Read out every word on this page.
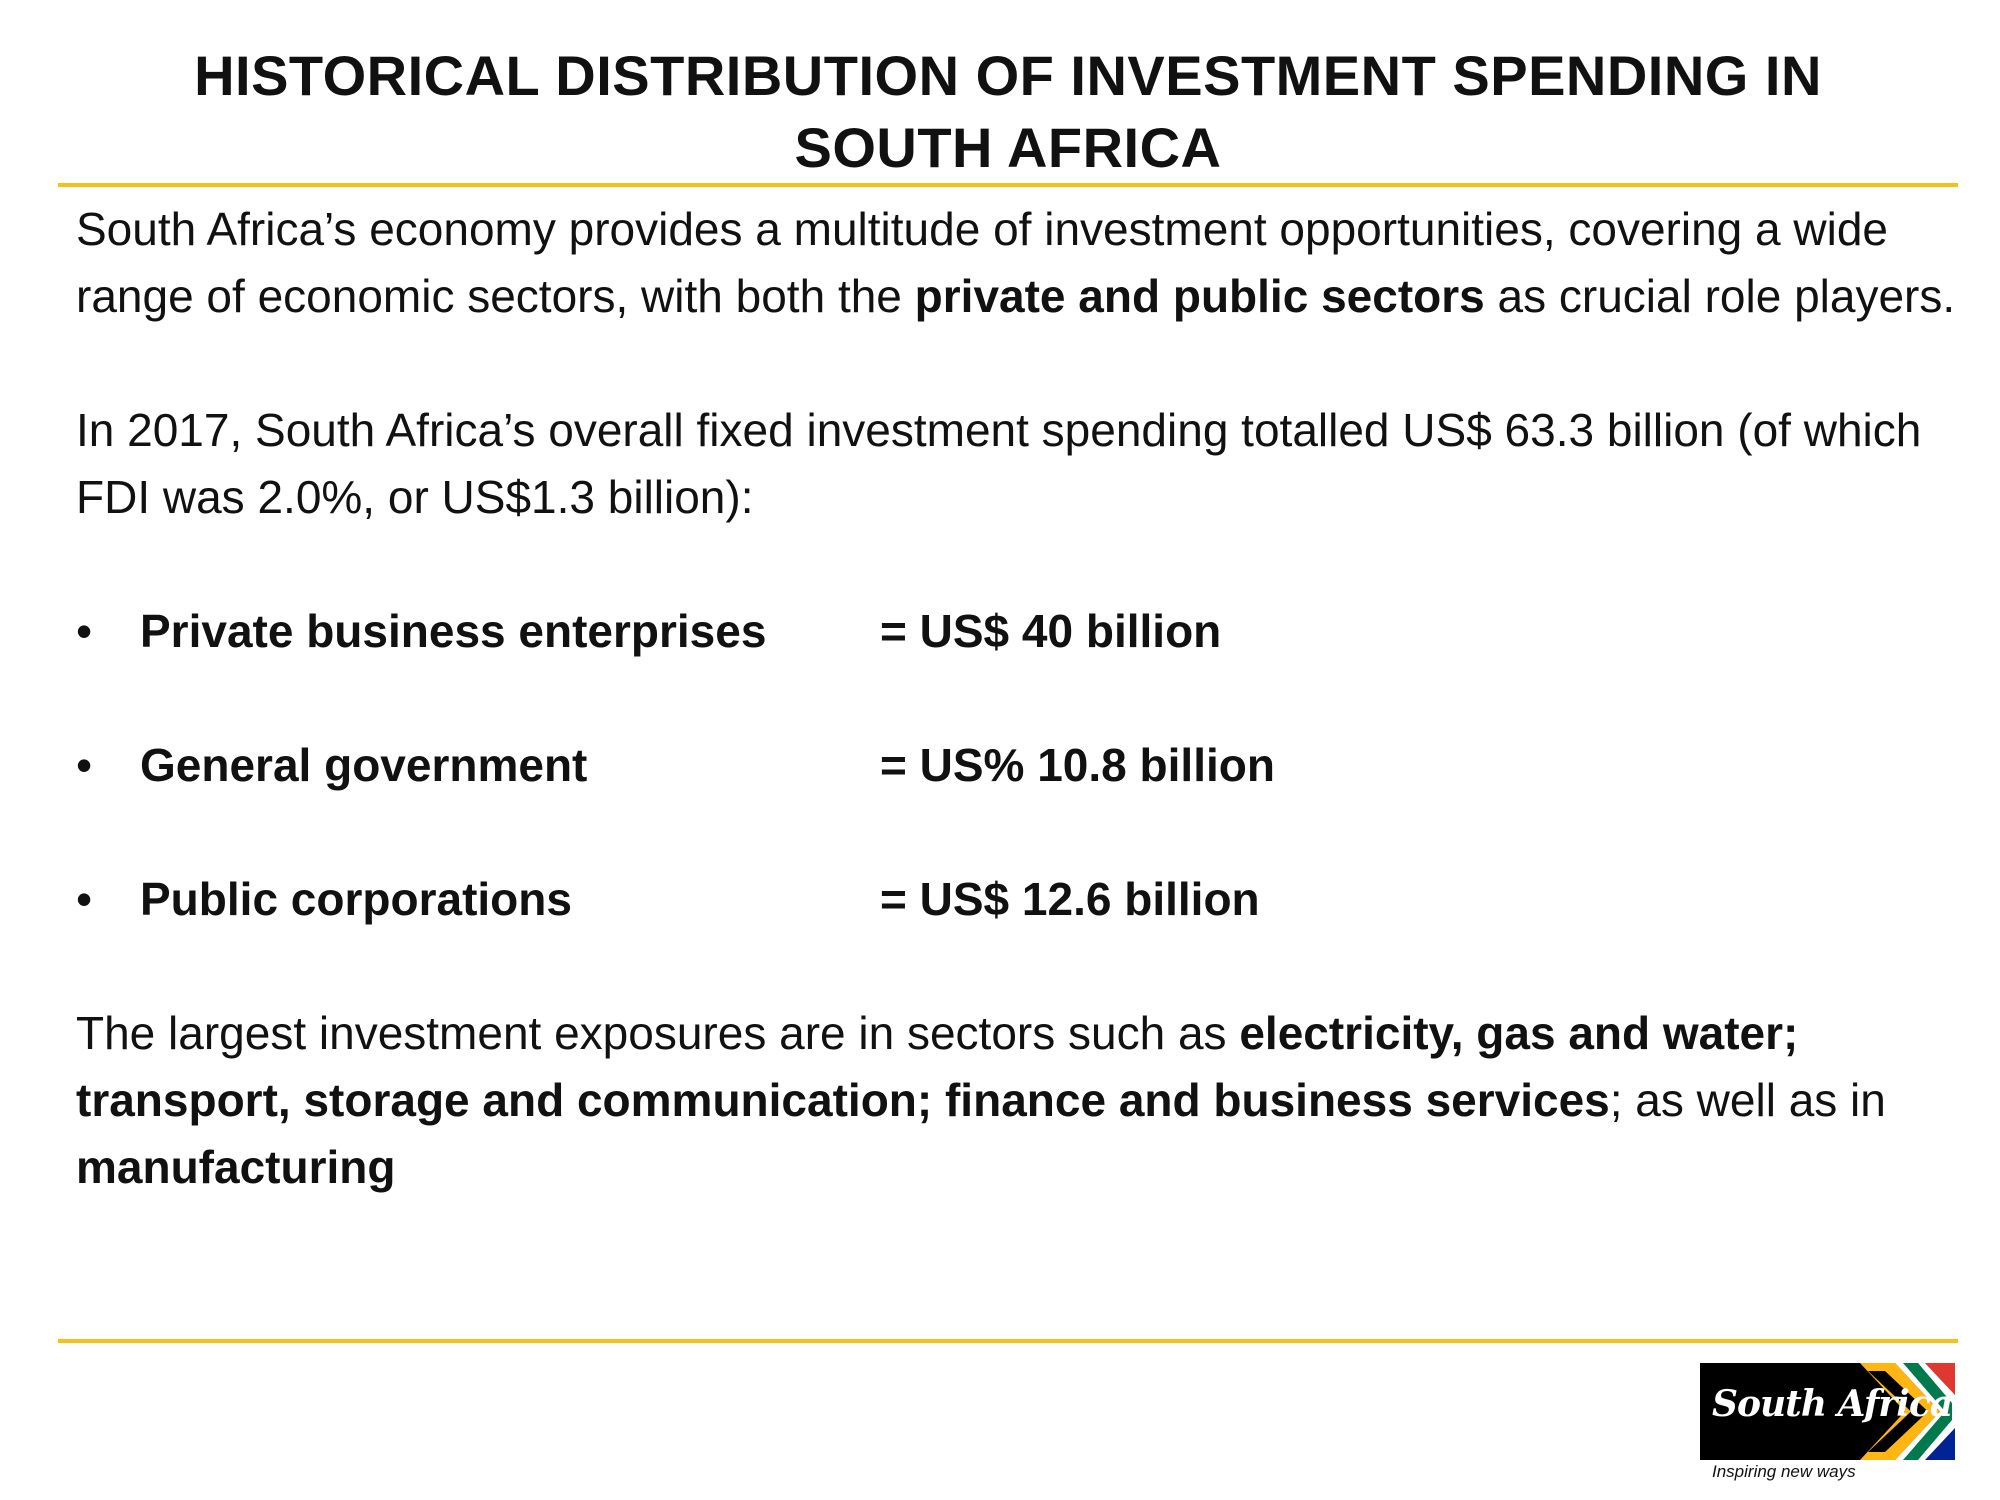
HISTORICAL DISTRIBUTION OF INVESTMENT SPENDING IN
SOUTH AFRICA

South Africa’s economy provides a multitude of investment opportunities, covering a wide range of economic sectors, with both the private and public sectors as crucial role players.

In 2017, South Africa’s overall fixed investment spending totalled US$ 63.3 billion (of which FDI was 2.0%, or US$1.3 billion):

•	Private business enterprises	= US$ 40 billion
•	General government	= US% 10.8 billion
•	Public corporations	= US$ 12.6 billion

The largest investment exposures are in sectors such as electricity, gas and water; transport, storage and communication; finance and business services; as well as in manufacturing

South Africa
Inspiring new ways
